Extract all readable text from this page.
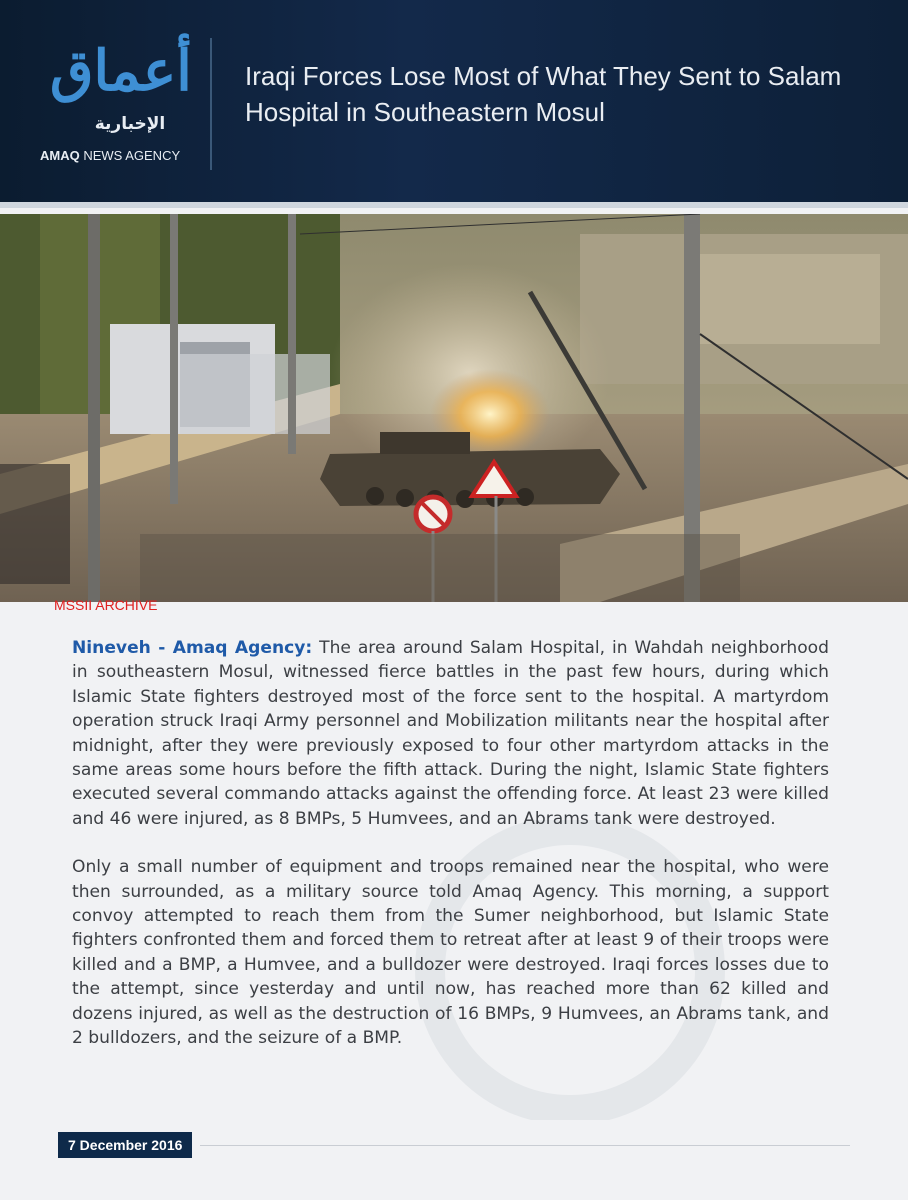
أعماق
الإخبارية
AMAQ NEWS AGENCY
Iraqi Forces Lose Most of What They Sent to Salam Hospital in Southeastern Mosul
MSSII ARCHIVE

Nineveh - Amaq Agency: The area around Salam Hospital, in Wahdah neighborhood in southeastern Mosul, witnessed fierce battles in the past few hours, during which Islamic State fighters destroyed most of the force sent to the hospital. A martyrdom operation struck Iraqi Army personnel and Mobilization militants near the hospital after midnight, after they were previously exposed to four other martyrdom attacks in the same areas some hours before the fifth attack. During the night, Islamic State fighters executed several commando attacks against the offending force. At least 23 were killed and 46 were injured, as 8 BMPs, 5 Humvees, and an Abrams tank were destroyed.

Only a small number of equipment and troops remained near the hospital, who were then surrounded, as a military source told Amaq Agency. This morning, a support convoy attempted to reach them from the Sumer neighborhood, but Islamic State fighters confronted them and forced them to retreat after at least 9 of their troops were killed and a BMP, a Humvee, and a bulldozer were destroyed. Iraqi forces losses due to the attempt, since yesterday and until now, has reached more than 62 killed and dozens injured, as well as the destruction of 16 BMPs, 9 Humvees, an Abrams tank, and 2 bulldozers, and the seizure of a BMP.

7 December 2016
